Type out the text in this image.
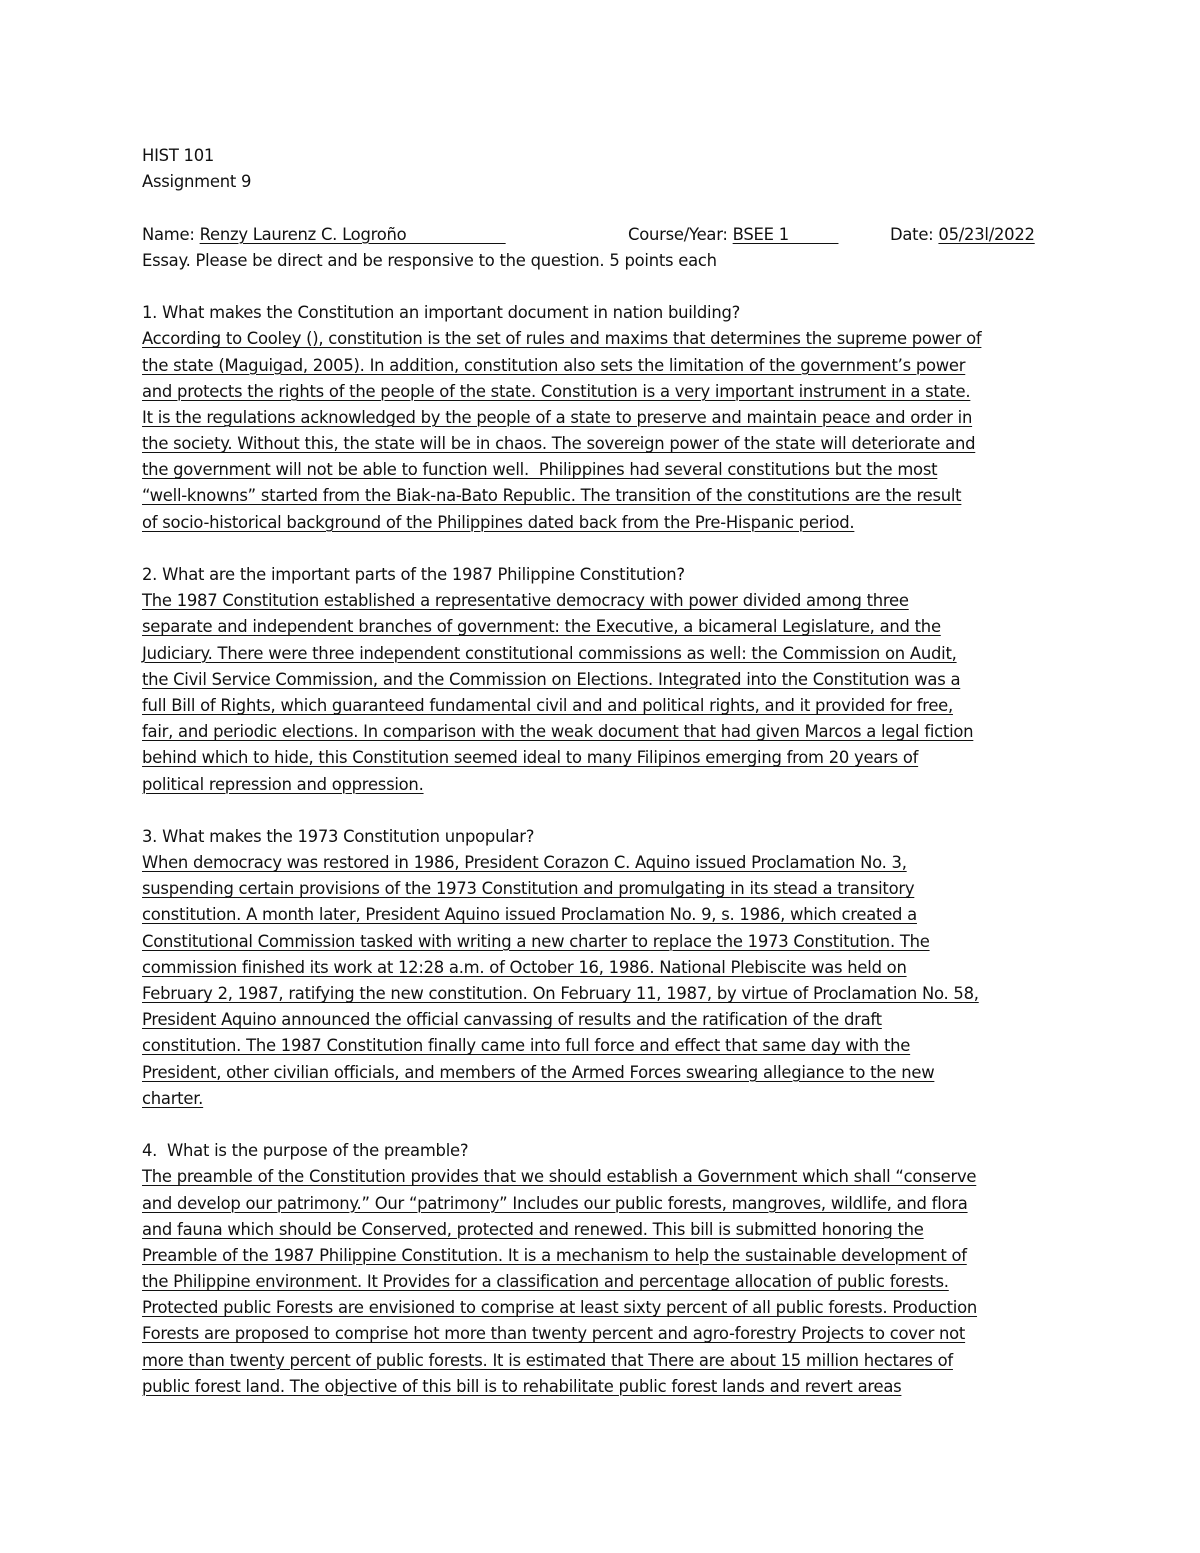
HIST 101
Assignment 9

Name: Renzy Laurenz C. Logroño

	Course/Year: BSEE 1

	Date: 05/23l/2022

Essay. Please be direct and be responsive to the question. 5 points each
1. What makes the Constitution an important document in nation building?
According to Cooley (), constitution is the set of rules and maxims that determines the supreme power of
the state (Maguigad, 2005). In addition, constitution also sets the limitation of the government’s power
and protects the rights of the people of the state. Constitution is a very important instrument in a state.
It is the regulations acknowledged by the people of a state to preserve and maintain peace and order in
the society. Without this, the state will be in chaos. The sovereign power of the state will deteriorate and
the government will not be able to function well.  Philippines had several constitutions but the most
“well-knowns” started from the Biak-na-Bato Republic. The transition of the constitutions are the result
of socio-historical background of the Philippines dated back from the Pre-Hispanic period.
2. What are the important parts of the 1987 Philippine Constitution?
The 1987 Constitution established a representative democracy with power divided among three
separate and independent branches of government: the Executive, a bicameral Legislature, and the
Judiciary. There were three independent constitutional commissions as well: the Commission on Audit,
the Civil Service Commission, and the Commission on Elections. Integrated into the Constitution was a
full Bill of Rights, which guaranteed fundamental civil and and political rights, and it provided for free,
fair, and periodic elections. In comparison with the weak document that had given Marcos a legal fiction
behind which to hide, this Constitution seemed ideal to many Filipinos emerging from 20 years of
political repression and oppression.
3. What makes the 1973 Constitution unpopular?
When democracy was restored in 1986, President Corazon C. Aquino issued Proclamation No. 3,
suspending certain provisions of the 1973 Constitution and promulgating in its stead a transitory
constitution. A month later, President Aquino issued Proclamation No. 9, s. 1986, which created a
Constitutional Commission tasked with writing a new charter to replace the 1973 Constitution. The
commission finished its work at 12:28 a.m. of October 16, 1986. National Plebiscite was held on
February 2, 1987, ratifying the new constitution. On February 11, 1987, by virtue of Proclamation No. 58,
President Aquino announced the official canvassing of results and the ratification of the draft
constitution. The 1987 Constitution finally came into full force and effect that same day with the
President, other civilian officials, and members of the Armed Forces swearing allegiance to the new
charter.
4.  What is the purpose of the preamble?
The preamble of the Constitution provides that we should establish a Government which shall “conserve
and develop our patrimony.” Our “patrimony” Includes our public forests, mangroves, wildlife, and flora
and fauna which should be Conserved, protected and renewed. This bill is submitted honoring the
Preamble of the 1987 Philippine Constitution. It is a mechanism to help the sustainable development of
the Philippine environment. It Provides for a classification and percentage allocation of public forests.
Protected public Forests are envisioned to comprise at least sixty percent of all public forests. Production
Forests are proposed to comprise hot more than twenty percent and agro-forestry Projects to cover not
more than twenty percent of public forests. It is estimated that There are about 15 million hectares of
public forest land. The objective of this bill is to rehabilitate public forest lands and revert areas
